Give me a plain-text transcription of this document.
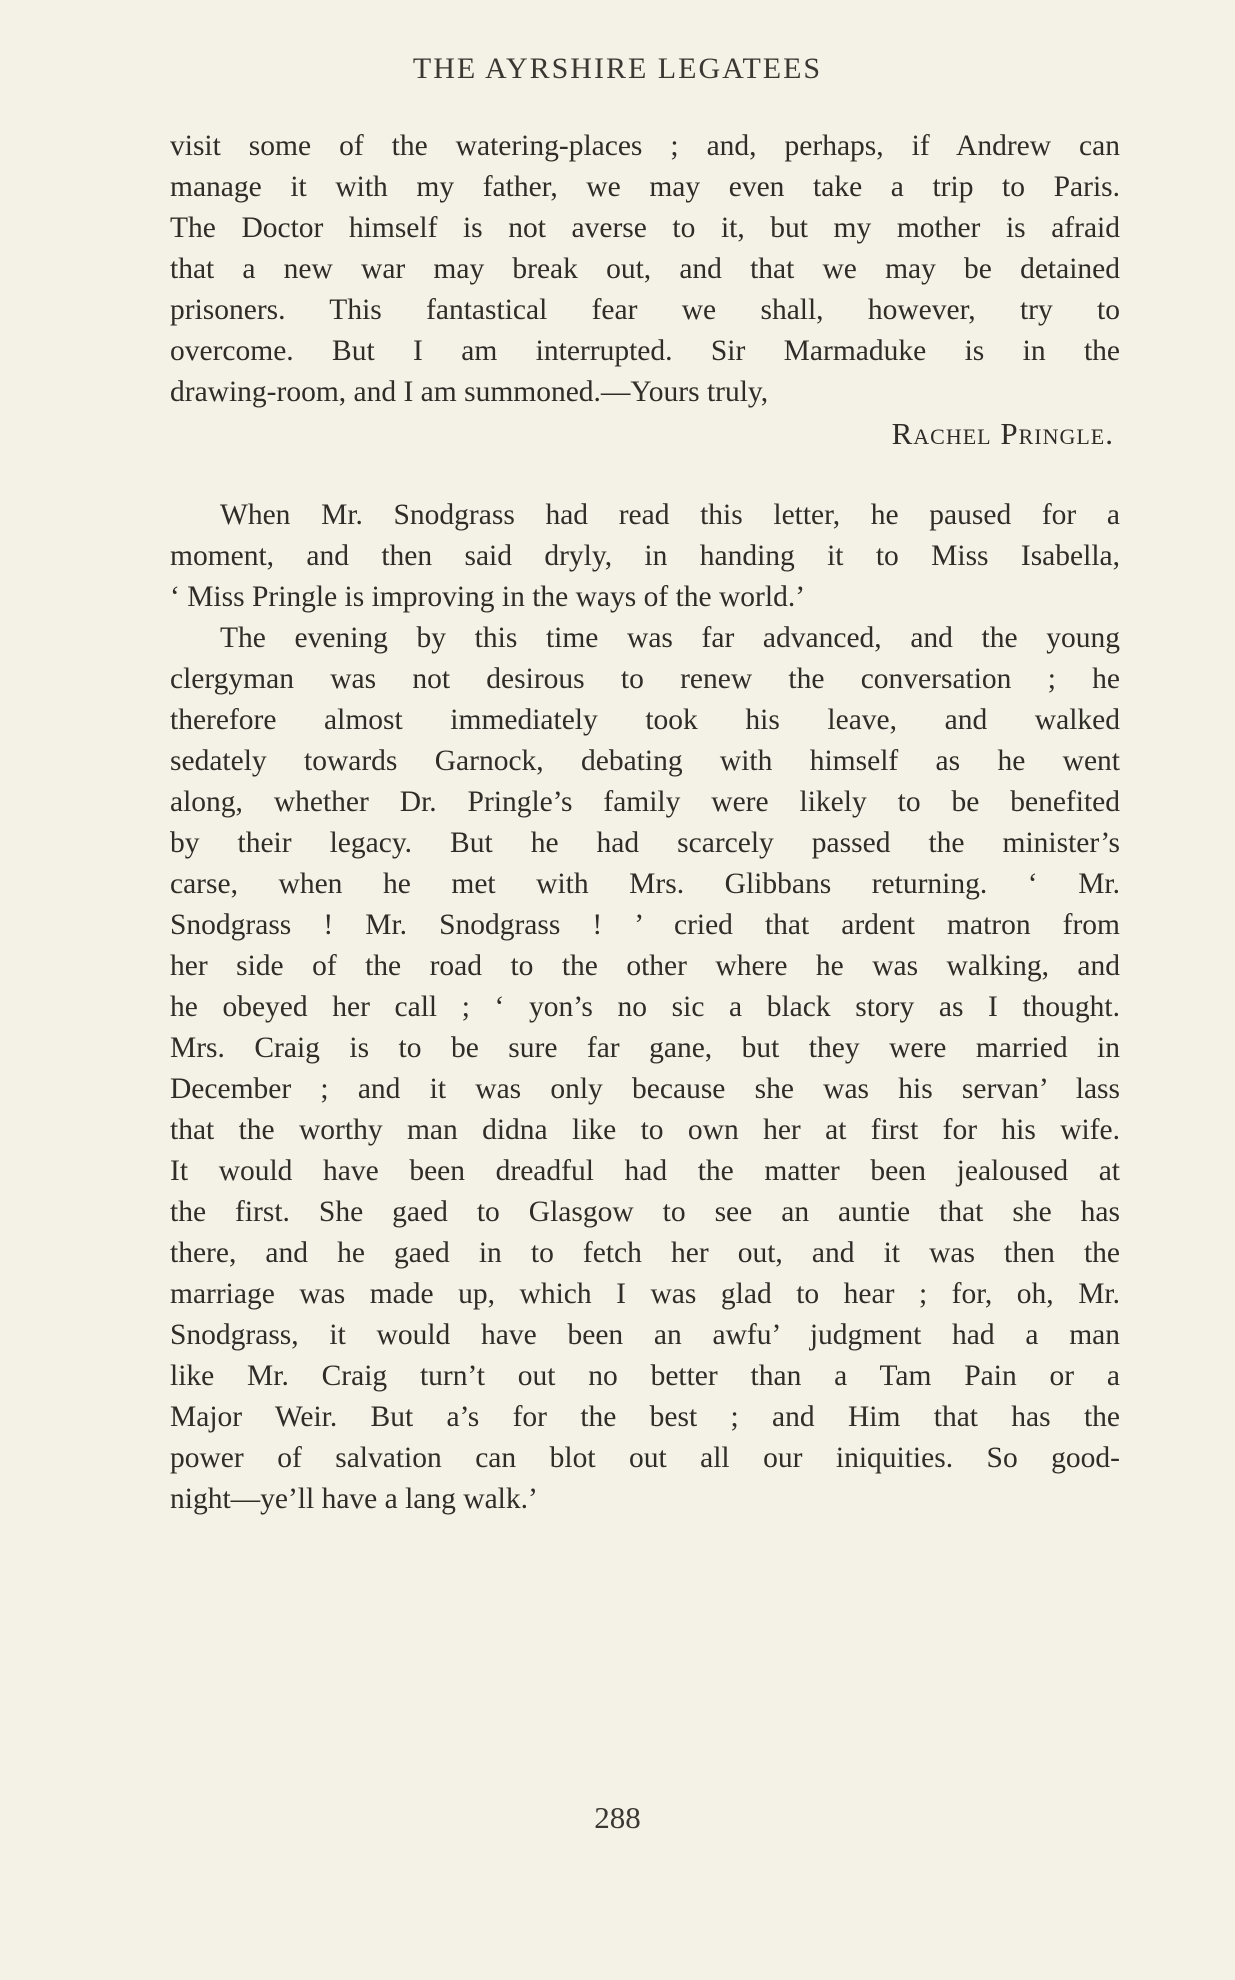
THE AYRSHIRE LEGATEES
visit some of the watering-places ; and, perhaps, if Andrew can
manage it with my father, we may even take a trip to Paris.
The Doctor himself is not averse to it, but my mother is afraid
that a new war may break out, and that we may be detained
prisoners. This fantastical fear we shall, however, try to
overcome. But I am interrupted. Sir Marmaduke is in the
drawing-room, and I am summoned.—Yours truly,
Rachel Pringle.
When Mr. Snodgrass had read this letter, he paused for a
moment, and then said dryly, in handing it to Miss Isabella,
‘ Miss Pringle is improving in the ways of the world.’
The evening by this time was far advanced, and the young
clergyman was not desirous to renew the conversation ; he
therefore almost immediately took his leave, and walked
sedately towards Garnock, debating with himself as he went
along, whether Dr. Pringle’s family were likely to be benefited
by their legacy. But he had scarcely passed the minister’s
carse, when he met with Mrs. Glibbans returning. ‘ Mr.
Snodgrass ! Mr. Snodgrass ! ’ cried that ardent matron from
her side of the road to the other where he was walking, and
he obeyed her call ; ‘ yon’s no sic a black story as I thought.
Mrs. Craig is to be sure far gane, but they were married in
December ; and it was only because she was his servan’ lass
that the worthy man didna like to own her at first for his wife.
It would have been dreadful had the matter been jealoused at
the first. She gaed to Glasgow to see an auntie that she has
there, and he gaed in to fetch her out, and it was then the
marriage was made up, which I was glad to hear ; for, oh, Mr.
Snodgrass, it would have been an awfu’ judgment had a man
like Mr. Craig turn’t out no better than a Tam Pain or a
Major Weir. But a’s for the best ; and Him that has the
power of salvation can blot out all our iniquities. So good-
night—ye’ll have a lang walk.’
288
